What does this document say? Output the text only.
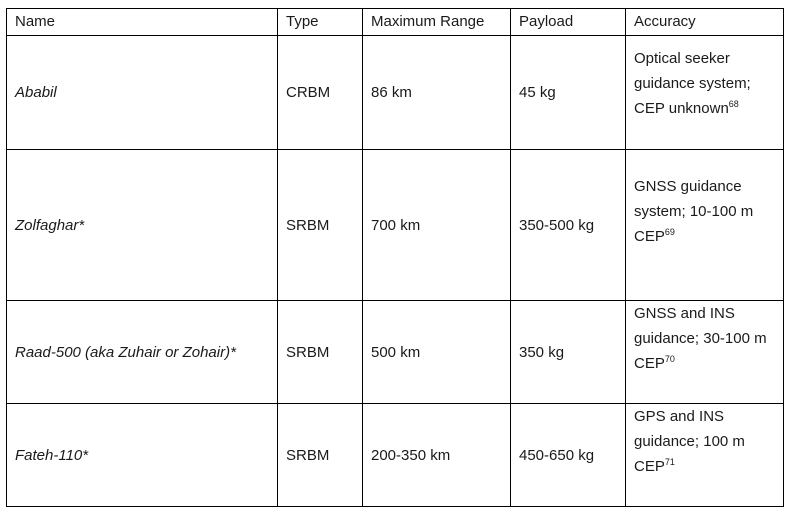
Name	Type	Maximum Range	Payload	Accuracy
Ababil	CRBM	86 km	45 kg	Optical seeker guidance system; CEP unknown$^{68}$
Zolfaghar*	SRBM	700 km	350-500 kg	GNSS guidance system; 10-100 m CEP$^{69}$
Raad-500 (aka Zuhair or Zohair)*	SRBM	500 km	350 kg	GNSS and INS guidance; 30-100 m CEP$^{70}$
Fateh-110*	SRBM	200-350 km	450-650 kg	GPS and INS guidance; 100 m CEP$^{71}$
